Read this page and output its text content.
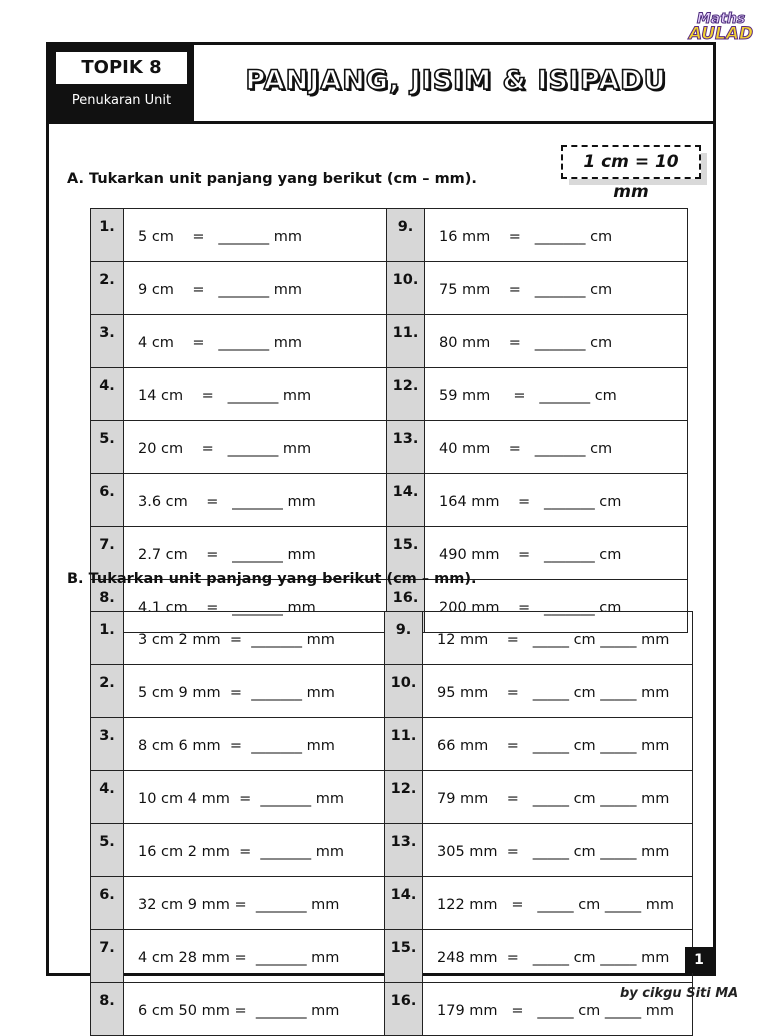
Maths
AULAD
TOPIK 8
Penukaran Unit
PANJANG, JISIM & ISIPADU
1 cm = 10 mm
A. Tukarkan unit panjang yang berikut (cm – mm).
1.	5 cm    =   _______ mm	9.	16 mm    =   _______ cm
2.	9 cm    =   _______ mm	10.	75 mm    =   _______ cm
3.	4 cm    =   _______ mm	11.	80 mm    =   _______ cm
4.	14 cm    =   _______ mm	12.	59 mm     =   _______ cm
5.	20 cm    =   _______ mm	13.	40 mm    =   _______ cm
6.	3.6 cm    =   _______ mm	14.	164 mm    =   _______ cm
7.	2.7 cm    =   _______ mm	15.	490 mm    =   _______ cm
8.	4.1 cm    =   _______ mm	16.	200 mm    =   _______ cm
B. Tukarkan unit panjang yang berikut (cm – mm).
1.	3 cm 2 mm  =  _______ mm	9.	12 mm    =   _____ cm _____ mm
2.	5 cm 9 mm  =  _______ mm	10.	95 mm    =   _____ cm _____ mm
3.	8 cm 6 mm  =  _______ mm	11.	66 mm    =   _____ cm _____ mm
4.	10 cm 4 mm  =  _______ mm	12.	79 mm    =   _____ cm _____ mm
5.	16 cm 2 mm  =  _______ mm	13.	305 mm  =   _____ cm _____ mm
6.	32 cm 9 mm =  _______ mm	14.	122 mm   =   _____ cm _____ mm
7.	4 cm 28 mm =  _______ mm	15.	248 mm  =   _____ cm _____ mm
8.	6 cm 50 mm =  _______ mm	16.	179 mm   =   _____ cm _____ mm
1
by cikgu Siti MA
